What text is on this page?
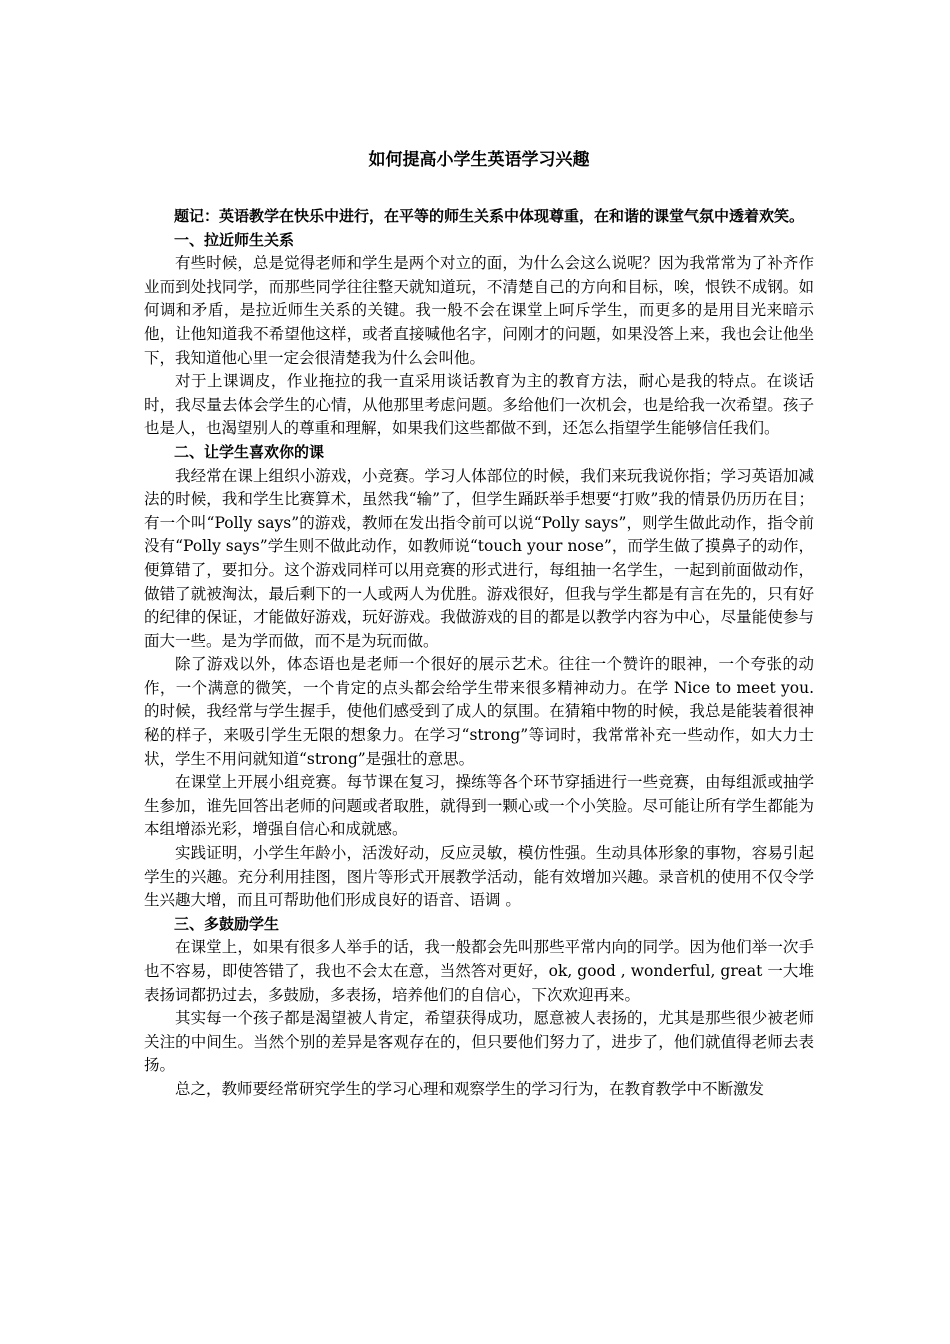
如何提高小学生英语学习兴趣

题记：英语教学在快乐中进行，在平等的师生关系中体现尊重，在和谐的课堂气氛中透着欢笑。

一、拉近师生关系

有些时候，总是觉得老师和学生是两个对立的面，为什么会这么说呢？因为我常常为了补齐作业而到处找同学，而那些同学往往整天就知道玩，不清楚自己的方向和目标，唉，恨铁不成钢。如何调和矛盾，是拉近师生关系的关键。我一般不会在课堂上呵斥学生，而更多的是用目光来暗示他，让他知道我不希望他这样，或者直接喊他名字，问刚才的问题，如果没答上来，我也会让他坐下，我知道他心里一定会很清楚我为什么会叫他。

对于上课调皮，作业拖拉的我一直采用谈话教育为主的教育方法，耐心是我的特点。在谈话时，我尽量去体会学生的心情，从他那里考虑问题。多给他们一次机会，也是给我一次希望。孩子也是人，也渴望别人的尊重和理解，如果我们这些都做不到，还怎么指望学生能够信任我们。

二、让学生喜欢你的课

我经常在课上组织小游戏，小竞赛。学习人体部位的时候，我们来玩我说你指；学习英语加减法的时候，我和学生比赛算术，虽然我“输”了，但学生踊跃举手想要“打败”我的情景仍历历在目；有一个叫“Polly says”的游戏，教师在发出指令前可以说“Polly says”，则学生做此动作，指令前没有“Polly says”学生则不做此动作，如教师说“touch your nose”，而学生做了摸鼻子的动作，便算错了，要扣分。这个游戏同样可以用竞赛的形式进行，每组抽一名学生，一起到前面做动作，做错了就被淘汰，最后剩下的一人或两人为优胜。游戏很好，但我与学生都是有言在先的，只有好的纪律的保证，才能做好游戏，玩好游戏。我做游戏的目的都是以教学内容为中心，尽量能使参与面大一些。是为学而做，而不是为玩而做。

除了游戏以外，体态语也是老师一个很好的展示艺术。往往一个赞许的眼神，一个夸张的动作，一个满意的微笑，一个肯定的点头都会给学生带来很多精神动力。在学 Nice to meet you.的时候，我经常与学生握手，使他们感受到了成人的氛围。在猜箱中物的时候，我总是能装着很神秘的样子，来吸引学生无限的想象力。在学习“strong”等词时，我常常补充一些动作，如大力士状，学生不用问就知道“strong”是强壮的意思。

在课堂上开展小组竞赛。每节课在复习，操练等各个环节穿插进行一些竞赛，由每组派或抽学生参加，谁先回答出老师的问题或者取胜，就得到一颗心或一个小笑脸。尽可能让所有学生都能为本组增添光彩，增强自信心和成就感。

实践证明，小学生年龄小，活泼好动，反应灵敏，模仿性强。生动具体形象的事物，容易引起学生的兴趣。充分利用挂图，图片等形式开展教学活动，能有效增加兴趣。录音机的使用不仅令学生兴趣大增，而且可帮助他们形成良好的语音、语调 。

三、多鼓励学生

在课堂上，如果有很多人举手的话，我一般都会先叫那些平常内向的同学。因为他们举一次手也不容易，即使答错了，我也不会太在意，当然答对更好，ok, good , wonderful, great 一大堆表扬词都扔过去，多鼓励，多表扬，培养他们的自信心，下次欢迎再来。

其实每一个孩子都是渴望被人肯定，希望获得成功，愿意被人表扬的，尤其是那些很少被老师关注的中间生。当然个别的差异是客观存在的，但只要他们努力了，进步了，他们就值得老师去表扬。

总之，教师要经常研究学生的学习心理和观察学生的学习行为，在教育教学中不断激发
